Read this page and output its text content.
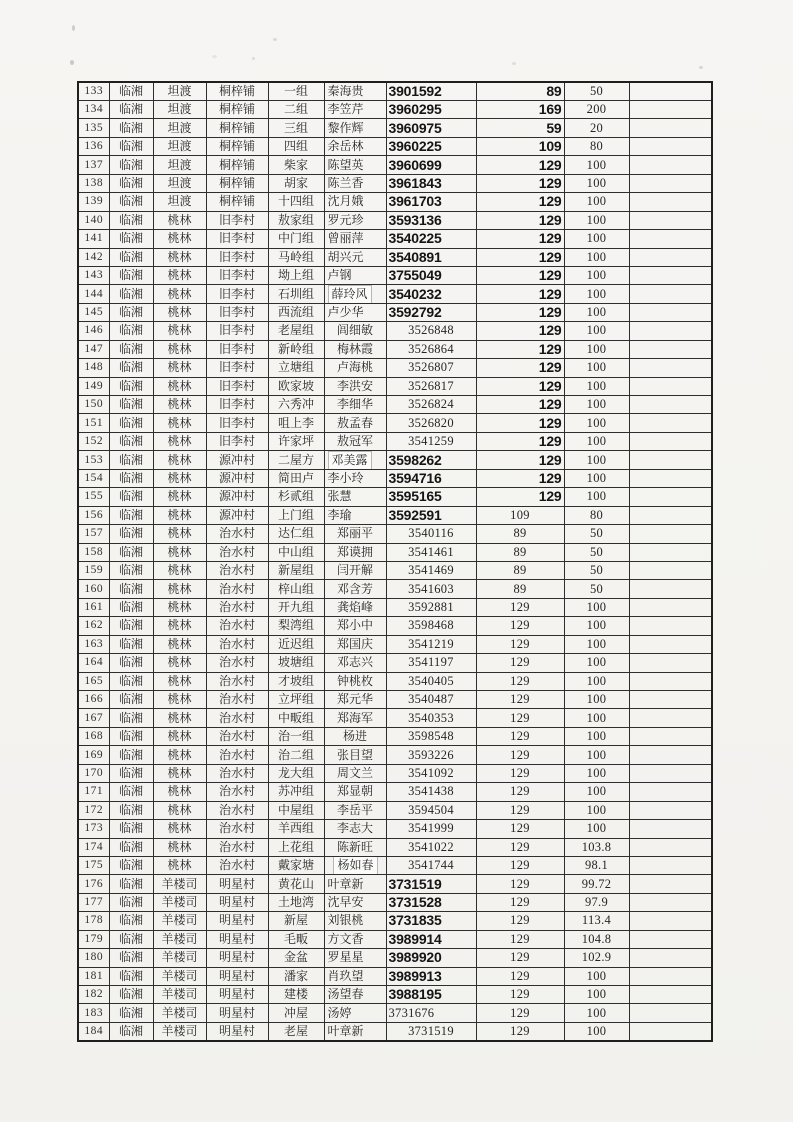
133	临湘	坦渡	桐梓铺	一组	秦海贵	3901592	89	50	
134	临湘	坦渡	桐梓铺	二组	李笠芹	3960295	169	200	
135	临湘	坦渡	桐梓铺	三组	黎作辉	3960975	59	20	
136	临湘	坦渡	桐梓铺	四组	余岳林	3960225	109	80	
137	临湘	坦渡	桐梓铺	柴家	陈望英	3960699	129	100	
138	临湘	坦渡	桐梓铺	胡家	陈兰香	3961843	129	100	
139	临湘	坦渡	桐梓铺	十四组	沈月娥	3961703	129	100	
140	临湘	桃林	旧李村	敖家组	罗元珍	3593136	129	100	
141	临湘	桃林	旧李村	中门组	曾丽萍	3540225	129	100	
142	临湘	桃林	旧李村	马岭组	胡兴元	3540891	129	100	
143	临湘	桃林	旧李村	坳上组	卢钢	3755049	129	100	
144	临湘	桃林	旧李村	石圳组	薛玲风	3540232	129	100	
145	临湘	桃林	旧李村	西流组	卢少华	3592792	129	100	
146	临湘	桃林	旧李村	老屋组	闾细敏	3526848	129	100	
147	临湘	桃林	旧李村	新岭组	梅林霞	3526864	129	100	
148	临湘	桃林	旧李村	立塘组	卢海桃	3526807	129	100	
149	临湘	桃林	旧李村	欧家坡	李洪安	3526817	129	100	
150	临湘	桃林	旧李村	六秀冲	李细华	3526824	129	100	
151	临湘	桃林	旧李村	咀上李	敖孟春	3526820	129	100	
152	临湘	桃林	旧李村	许家坪	敖冠军	3541259	129	100	
153	临湘	桃林	源冲村	二屋方	邓美露	3598262	129	100	
154	临湘	桃林	源冲村	简田卢	李小玲	3594716	129	100	
155	临湘	桃林	源冲村	杉贰组	张慧	3595165	129	100	
156	临湘	桃林	源冲村	上门组	李瑜	3592591	109	80	
157	临湘	桃林	治水村	达仁组	郑丽平	3540116	89	50	
158	临湘	桃林	治水村	中山组	郑谟拥	3541461	89	50	
159	临湘	桃林	治水村	新屋组	闫开解	3541469	89	50	
160	临湘	桃林	治水村	梓山组	邓含芳	3541603	89	50	
161	临湘	桃林	治水村	开九组	龚焰峰	3592881	129	100	
162	临湘	桃林	治水村	梨湾组	郑小中	3598468	129	100	
163	临湘	桃林	治水村	近迟组	郑国庆	3541219	129	100	
164	临湘	桃林	治水村	坡塘组	邓志兴	3541197	129	100	
165	临湘	桃林	治水村	才坡组	钟桃枚	3540405	129	100	
166	临湘	桃林	治水村	立坪组	郑元华	3540487	129	100	
167	临湘	桃林	治水村	中畈组	郑海军	3540353	129	100	
168	临湘	桃林	治水村	治一组	杨进	3598548	129	100	
169	临湘	桃林	治水村	治二组	张目望	3593226	129	100	
170	临湘	桃林	治水村	龙大组	周文兰	3541092	129	100	
171	临湘	桃林	治水村	苏冲组	郑显朝	3541438	129	100	
172	临湘	桃林	治水村	中屋组	李岳平	3594504	129	100	
173	临湘	桃林	治水村	羊西组	李志大	3541999	129	100	
174	临湘	桃林	治水村	上花组	陈新旺	3541022	129	103.8	
175	临湘	桃林	治水村	戴家塘	杨如春	3541744	129	98.1	
176	临湘	羊楼司	明星村	黄花山	叶章新	3731519	129	99.72	
177	临湘	羊楼司	明星村	土地湾	沈早安	3731528	129	97.9	
178	临湘	羊楼司	明星村	新屋	刘银桃	3731835	129	113.4	
179	临湘	羊楼司	明星村	毛畈	方文香	3989914	129	104.8	
180	临湘	羊楼司	明星村	金盆	罗星星	3989920	129	102.9	
181	临湘	羊楼司	明星村	潘家	肖玖望	3989913	129	100	
182	临湘	羊楼司	明星村	建楼	汤望春	3988195	129	100	
183	临湘	羊楼司	明星村	冲屋	汤婷	3731676	129	100	
184	临湘	羊楼司	明星村	老屋	叶章新	3731519	129	100	
